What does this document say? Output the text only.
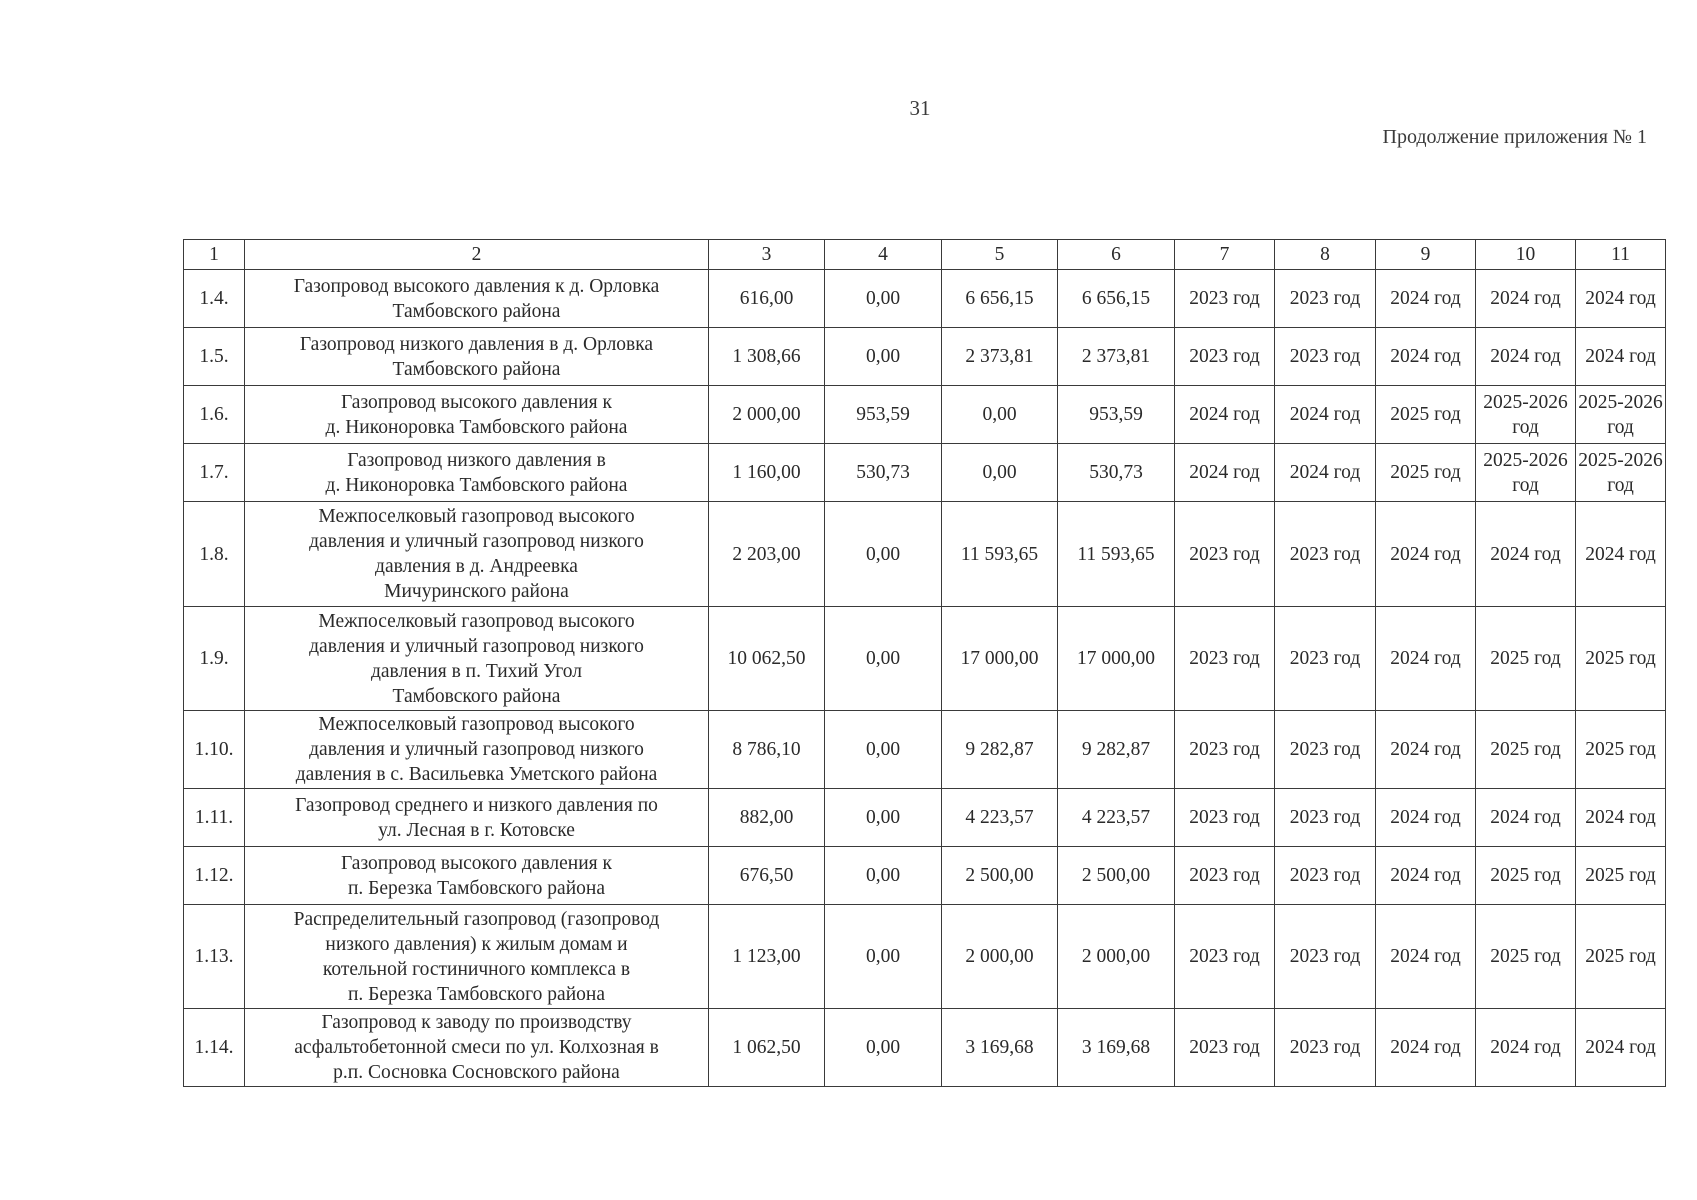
31
Продолжение приложения № 1
1	2	3	4	5	6	7	8	9	10	11
1.4.	Газопровод высокого давления к д. Орловка
Тамбовского района	616,00	0,00	6 656,15	6 656,15	2023 год	2023 год	2024 год	2024 год	2024 год
1.5.	Газопровод низкого давления в д. Орловка
Тамбовского района	1 308,66	0,00	2 373,81	2 373,81	2023 год	2023 год	2024 год	2024 год	2024 год
1.6.	Газопровод высокого давления к
д. Никоноровка Тамбовского района	2 000,00	953,59	0,00	953,59	2024 год	2024 год	2025 год	2025-2026 год	2025-2026 год
1.7.	Газопровод низкого давления в
д. Никоноровка Тамбовского района	1 160,00	530,73	0,00	530,73	2024 год	2024 год	2025 год	2025-2026 год	2025-2026 год
1.8.	Межпоселковый газопровод высокого
давления и уличный газопровод низкого
давления в д. Андреевка
Мичуринского района	2 203,00	0,00	11 593,65	11 593,65	2023 год	2023 год	2024 год	2024 год	2024 год
1.9.	Межпоселковый газопровод высокого
давления и уличный газопровод низкого
давления в п. Тихий Угол
Тамбовского района	10 062,50	0,00	17 000,00	17 000,00	2023 год	2023 год	2024 год	2025 год	2025 год
1.10.	Межпоселковый газопровод высокого
давления и уличный газопровод низкого
давления в с. Васильевка Уметского района	8 786,10	0,00	9 282,87	9 282,87	2023 год	2023 год	2024 год	2025 год	2025 год
1.11.	Газопровод среднего и низкого давления по
ул. Лесная в г. Котовске	882,00	0,00	4 223,57	4 223,57	2023 год	2023 год	2024 год	2024 год	2024 год
1.12.	Газопровод высокого давления к
п. Березка Тамбовского района	676,50	0,00	2 500,00	2 500,00	2023 год	2023 год	2024 год	2025 год	2025 год
1.13.	Распределительный газопровод (газопровод
низкого давления) к жилым домам и
котельной гостиничного комплекса в
п. Березка Тамбовского района	1 123,00	0,00	2 000,00	2 000,00	2023 год	2023 год	2024 год	2025 год	2025 год
1.14.	Газопровод к заводу по производству
асфальтобетонной смеси по ул. Колхозная в
р.п. Сосновка Сосновского района	1 062,50	0,00	3 169,68	3 169,68	2023 год	2023 год	2024 год	2024 год	2024 год
